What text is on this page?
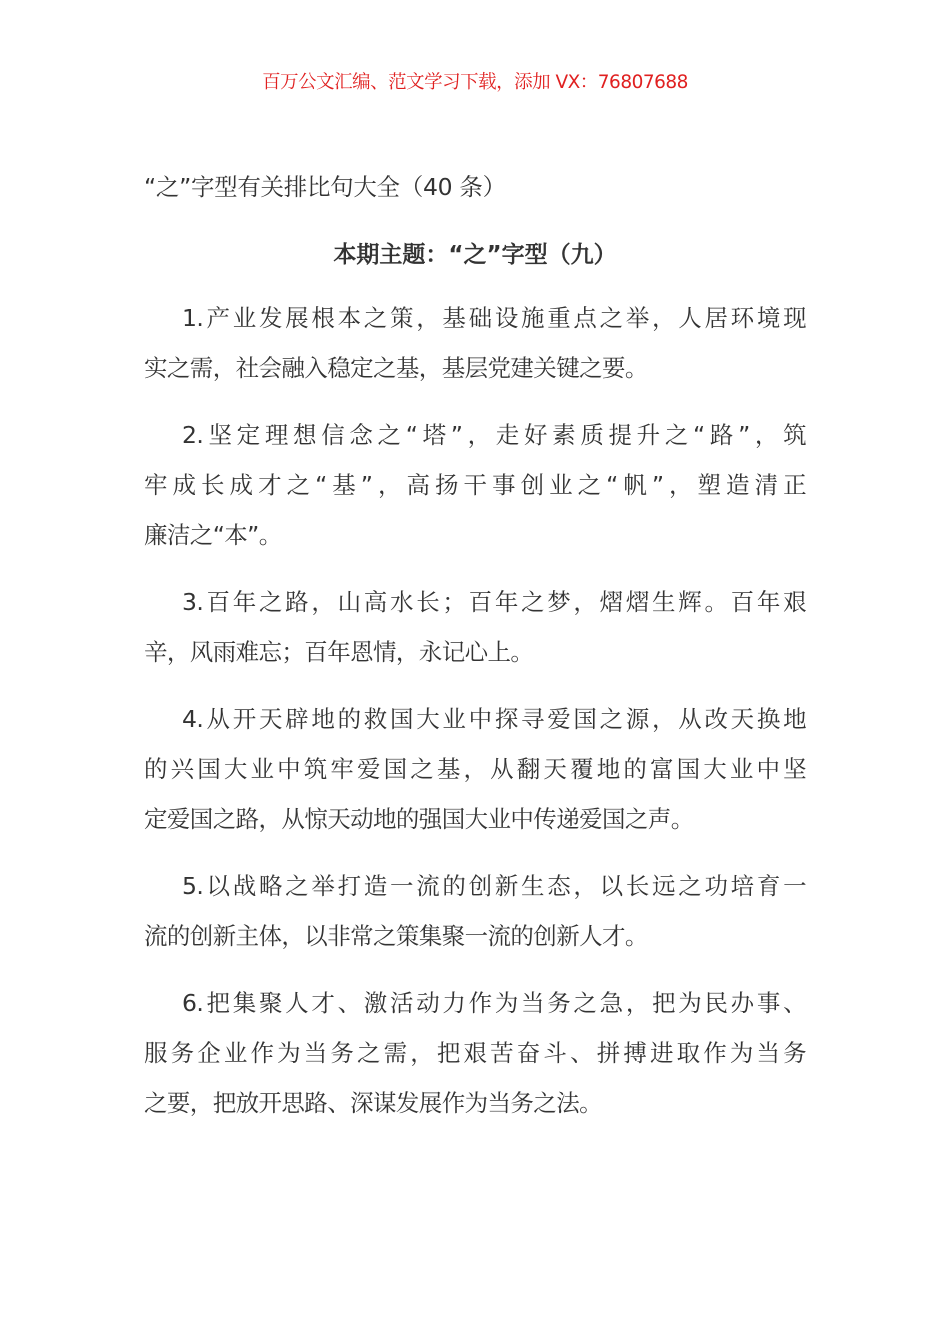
百万公文汇编、范文学习下载，添加 VX：76807688
“之”字型有关排比句大全（40 条）
本期主题：“之”字型（九）
1.产业发展根本之策，基础设施重点之举，人居环境现
实之需，社会融入稳定之基，基层党建关键之要。
2.坚定理想信念之“塔”，走好素质提升之“路”，筑
牢成长成才之“基”，高扬干事创业之“帆”，塑造清正
廉洁之“本”。
3.百年之路，山高水长；百年之梦，熠熠生辉。百年艰
辛，风雨难忘；百年恩情，永记心上。
4.从开天辟地的救国大业中探寻爱国之源，从改天换地
的兴国大业中筑牢爱国之基，从翻天覆地的富国大业中坚
定爱国之路，从惊天动地的强国大业中传递爱国之声。
5.以战略之举打造一流的创新生态，以长远之功培育一
流的创新主体，以非常之策集聚一流的创新人才。
6.把集聚人才、激活动力作为当务之急，把为民办事、
服务企业作为当务之需，把艰苦奋斗、拼搏进取作为当务
之要，把放开思路、深谋发展作为当务之法。
